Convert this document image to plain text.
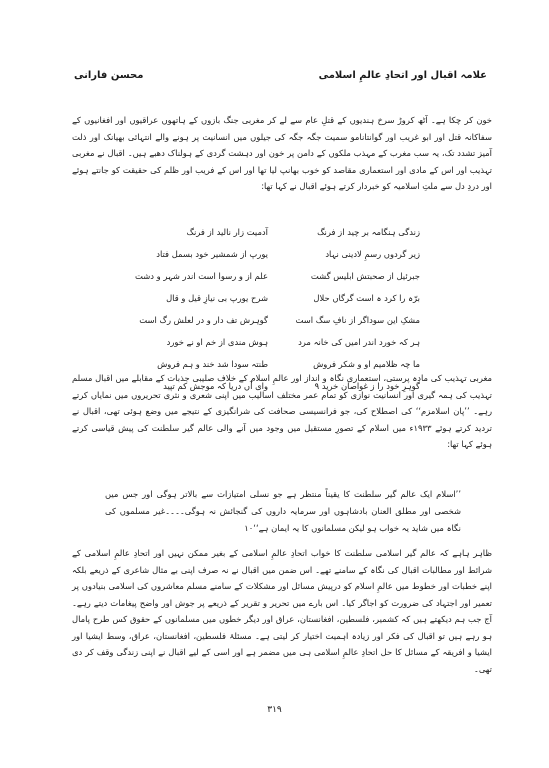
علامہ اقبال اور اتحادِ عالمِ اسلامی
محسن فارانی

خون کر چکا ہے۔ آٹھ کروڑ سرخ ہندیوں کے قتلِ عام سے لے کر مغربی جنگ بازوں کے ہاتھوں عراقیوں اور افغانیوں کے سفاکانہ قتل اور ابو غریب اور گوانتانامو سمیت جگہ جگہ کی جیلوں میں انسانیت پر ہونے والے انتہائی بھیانک اور ذلت آمیز تشدد تک، یہ سب مغرب کے مہذب ملکوں کے دامن پر خون اور دہشت گردی کے ہولناک دھبے ہیں۔ اقبال نے مغربی تہذیب اور اس کے مادی اور استعماری مقاصد کو خوب بھانپ لیا تھا اور اس کے فریب اور ظلم کی حقیقت کو جانتے ہوئے اور دردِ دل سے ملتِ اسلامیہ کو خبردار کرتے ہوئے اقبال نے کہا تھا:

آدمیت زار نالید از فرنگ	زندگی ہنگامہ بر چید از فرنگ
یورپ از شمشیر خود بسمل فتاد	زیر گردوں رسمِ لادینی نہاد
علم از و رسوا است اندر شہر و دشت	جبرئیل از صحبتش ابلیس گشت
شرح یورپ بی نیازِ قیل و قال	برّہ را کرد ہ است گرگاں حلال
گوہرش تف دار و در لعلش رگ است	مشکِ این سوداگر از نافِ سگ است
ہوش مندی از خم او نے خورد	ہر کہ خورد اندر امیں کی خانہ مرد
طنتہ سودا شد خند و ہم فروش	ما چہ ظلامیم او و شکر فروش
وای آں دریا کہ موجش کم تپید	گوہرِ خود را ز غواصان خرید ۹

مغربی تہذیب کی مادہ پرستی، استعماری نگاہ و انداز اور عالمِ اسلام کے خلاف صلیبی جذبات کے مقابلے میں اقبال مسلم تہذیب کی ہمہ گیری اور انسانیت نوازی کو تمام عمر مختلف اسالیب میں اپنی شعری و نثری تحریروں میں نمایاں کرتے رہے۔ ’’پان اسلامزم‘‘ کی اصطلاح کی، جو فرانسیسی صحافت کی شرانگیزی کے نتیجے میں وضع ہوئی تھی، اقبال نے تردید کرتے ہوئے ۱۹۳۳ء میں اسلام کے تصورِ مستقبل میں وجود میں آنے والی عالم گیر سلطنت کی پیش قیاسی کرتے ہوئے کہا تھا:

’’اسلام ایک عالم گیر سلطنت کا یقیناً منتظر ہے جو نسلی امتیازات سے بالاتر ہوگی اور جس میں شخصی اور مطلق العنان بادشاہوں اور سرمایہ داروں کی گنجائش نہ ہوگی۔۔۔۔غیر مسلموں کی نگاہ میں شاید یہ خواب ہو لیکن مسلمانوں کا یہ ایمان ہے‘‘۱۰

ظاہر ہاہے کہ عالم گیر اسلامی سلطنت کا خواب اتحادِ عالمِ اسلامی کے بغیر ممکن نہیں اور اتحادِ عالمِ اسلامی کے شرائط اور مطالبات اقبال کی نگاہ کے سامنے تھے۔ اس ضمن میں اقبال نے نہ صرف اپنی بے مثال شاعری کے ذریعے بلکہ اپنے خطبات اور خطوط میں عالمِ اسلام کو درپیش مسائل اور مشکلات کے سامنے مسلم معاشروں کی اسلامی بنیادوں پر تعمیر اور اجتہاد کی ضرورت کو اجاگر کیا۔ اس بارے میں تحریر و تقریر کے ذریعے پر جوش اور واضح پیغامات دیتے رہے۔ آج جب ہم دیکھتے ہیں کہ کشمیر، فلسطین، افغانستان، عراق اور دیگر خطوں میں مسلمانوں کے حقوق کس طرح پامال ہو رہے ہیں تو اقبال کی فکر اور زیادہ اہمیت اختیار کر لیتی ہے۔ مسئلۂ فلسطین، افغانستان، عراق، وسط ایشیا اور ایشیا و افریقہ کے مسائل کا حل اتحادِ عالمِ اسلامی ہی میں مضمر ہے اور اسی کے لیے اقبال نے اپنی زندگی وقف کر دی تھی۔

۳۱۹
